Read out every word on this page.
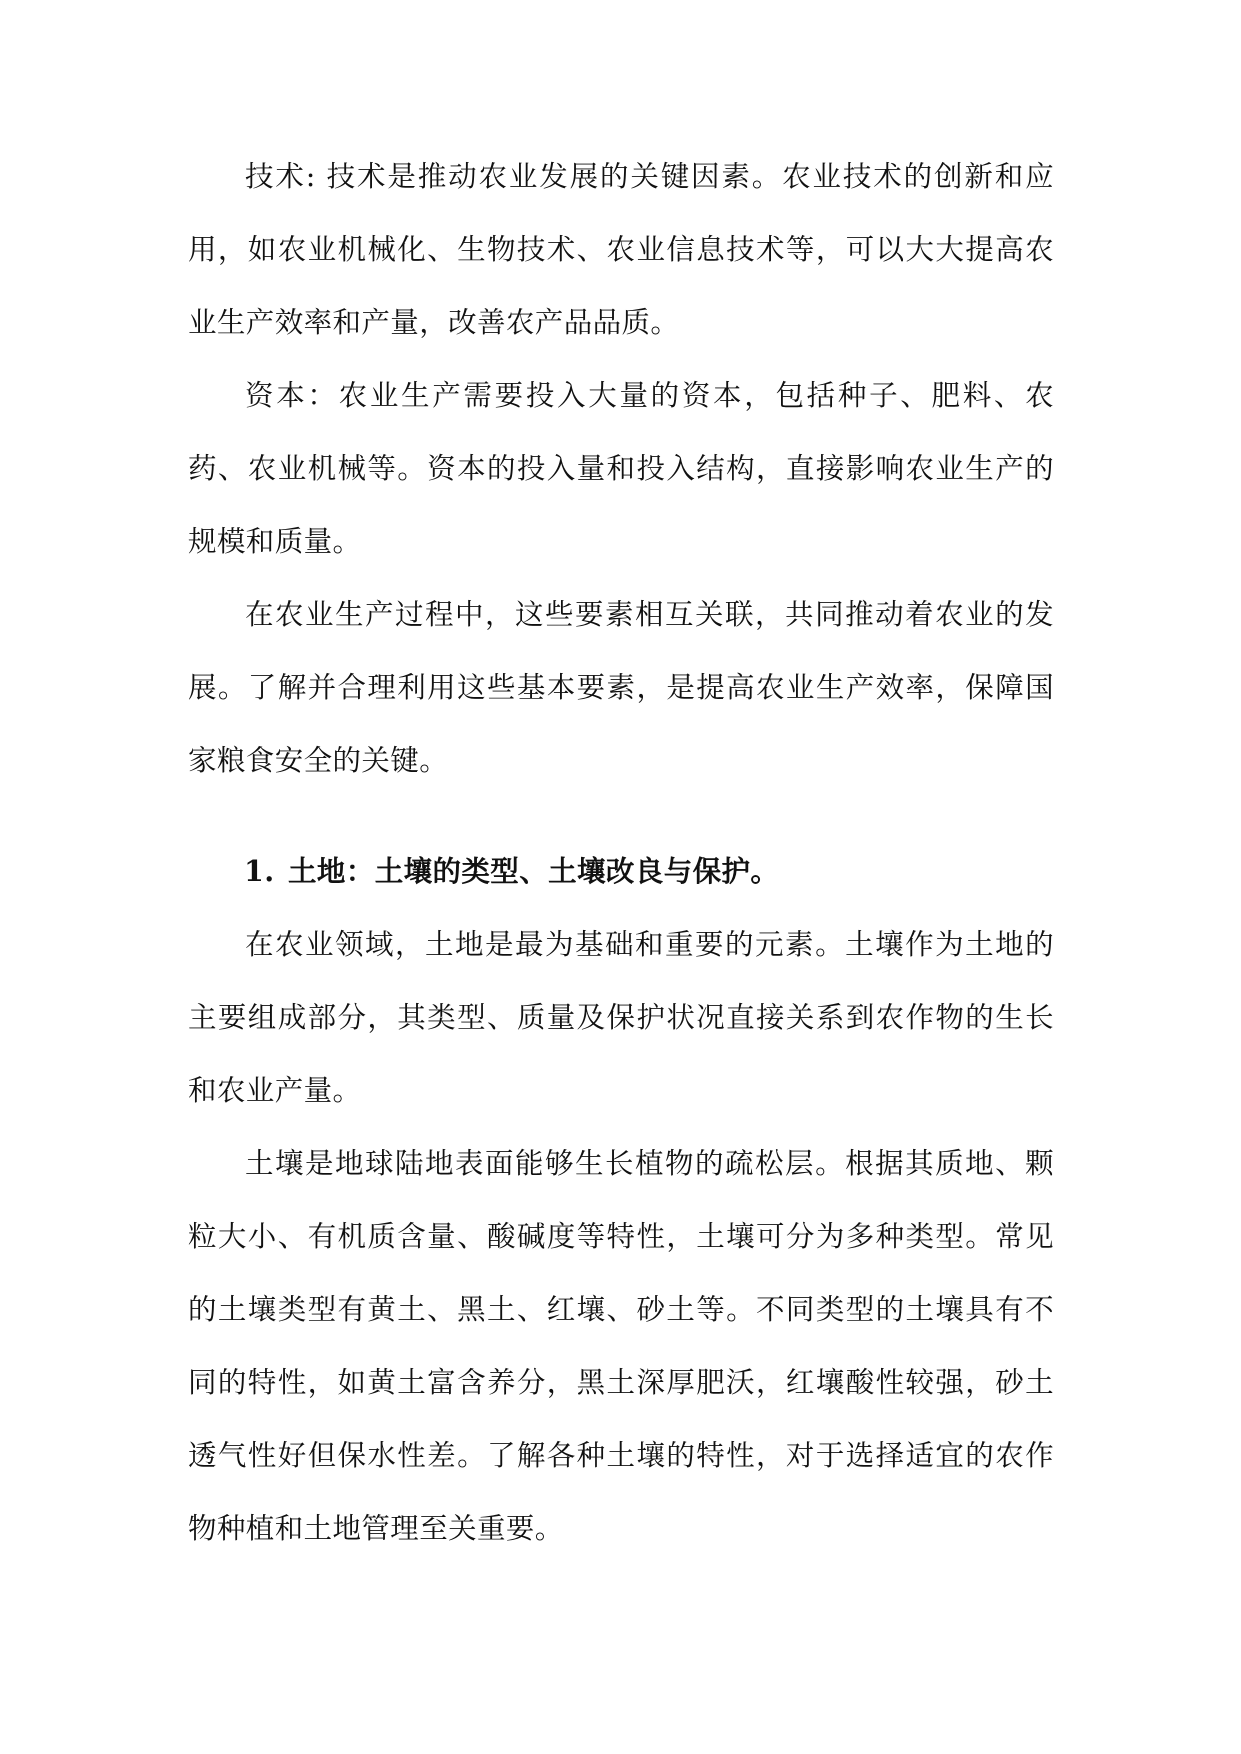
技术: 技术是推动农业发展的关键因素。农业技术的创新和应用，如农业机械化、生物技术、农业信息技术等，可以大大提高农业生产效率和产量，改善农产品品质。

资本：农业生产需要投入大量的资本，包括种子、肥料、农药、农业机械等。资本的投入量和投入结构，直接影响农业生产的规模和质量。

在农业生产过程中，这些要素相互关联，共同推动着农业的发展。了解并合理利用这些基本要素，是提高农业生产效率，保障国家粮食安全的关键。

1. 土地：土壤的类型、土壤改良与保护。

在农业领域，土地是最为基础和重要的元素。土壤作为土地的主要组成部分，其类型、质量及保护状况直接关系到农作物的生长和农业产量。

土壤是地球陆地表面能够生长植物的疏松层。根据其质地、颗粒大小、有机质含量、酸碱度等特性，土壤可分为多种类型。常见的土壤类型有黄土、黑土、红壤、砂土等。不同类型的土壤具有不同的特性，如黄土富含养分，黑土深厚肥沃，红壤酸性较强，砂土透气性好但保水性差。了解各种土壤的特性，对于选择适宜的农作物种植和土地管理至关重要。
